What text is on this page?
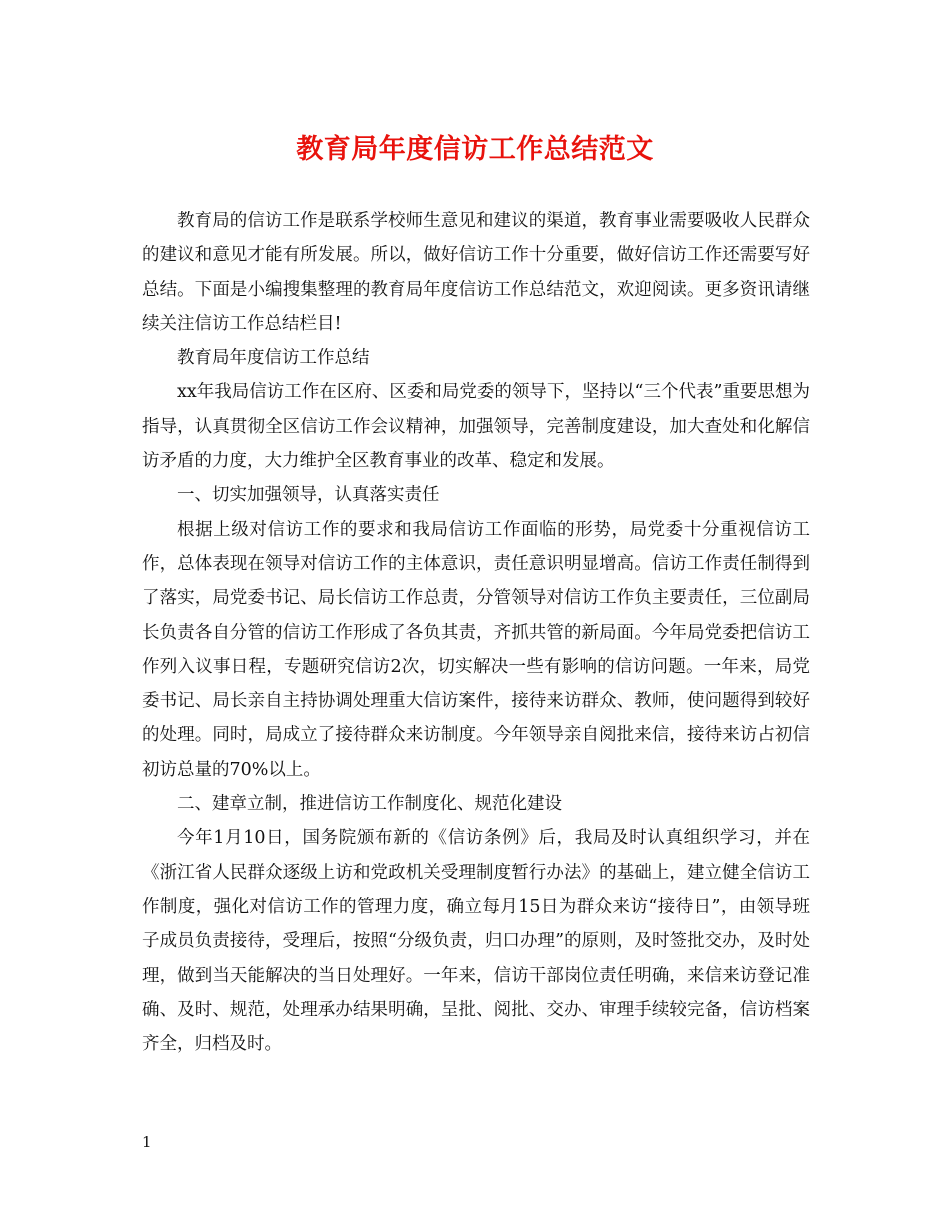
教育局年度信访工作总结范文

教育局的信访工作是联系学校师生意见和建议的渠道，教育事业需要吸收人民群众的建议和意见才能有所发展。所以，做好信访工作十分重要，做好信访工作还需要写好总结。下面是小编搜集整理的教育局年度信访工作总结范文，欢迎阅读。更多资讯请继续关注信访工作总结栏目!

教育局年度信访工作总结

xx年我局信访工作在区府、区委和局党委的领导下，坚持以“三个代表”重要思想为指导，认真贯彻全区信访工作会议精神，加强领导，完善制度建设，加大查处和化解信访矛盾的力度，大力维护全区教育事业的改革、稳定和发展。

一、切实加强领导，认真落实责任

根据上级对信访工作的要求和我局信访工作面临的形势，局党委十分重视信访工作，总体表现在领导对信访工作的主体意识，责任意识明显增高。信访工作责任制得到了落实，局党委书记、局长信访工作总责，分管领导对信访工作负主要责任，三位副局长负责各自分管的信访工作形成了各负其责，齐抓共管的新局面。今年局党委把信访工作列入议事日程，专题研究信访2次，切实解决一些有影响的信访问题。一年来，局党委书记、局长亲自主持协调处理重大信访案件，接待来访群众、教师，使问题得到较好的处理。同时，局成立了接待群众来访制度。今年领导亲自阅批来信，接待来访占初信初访总量的70%以上。

二、建章立制，推进信访工作制度化、规范化建设

今年1月10日，国务院颁布新的《信访条例》后，我局及时认真组织学习，并在《浙江省人民群众逐级上访和党政机关受理制度暂行办法》的基础上，建立健全信访工作制度，强化对信访工作的管理力度，确立每月15日为群众来访“接待日”，由领导班子成员负责接待，受理后，按照“分级负责，归口办理”的原则，及时签批交办，及时处理，做到当天能解决的当日处理好。一年来，信访干部岗位责任明确，来信来访登记准确、及时、规范，处理承办结果明确，呈批、阅批、交办、审理手续较完备，信访档案齐全，归档及时。

1
